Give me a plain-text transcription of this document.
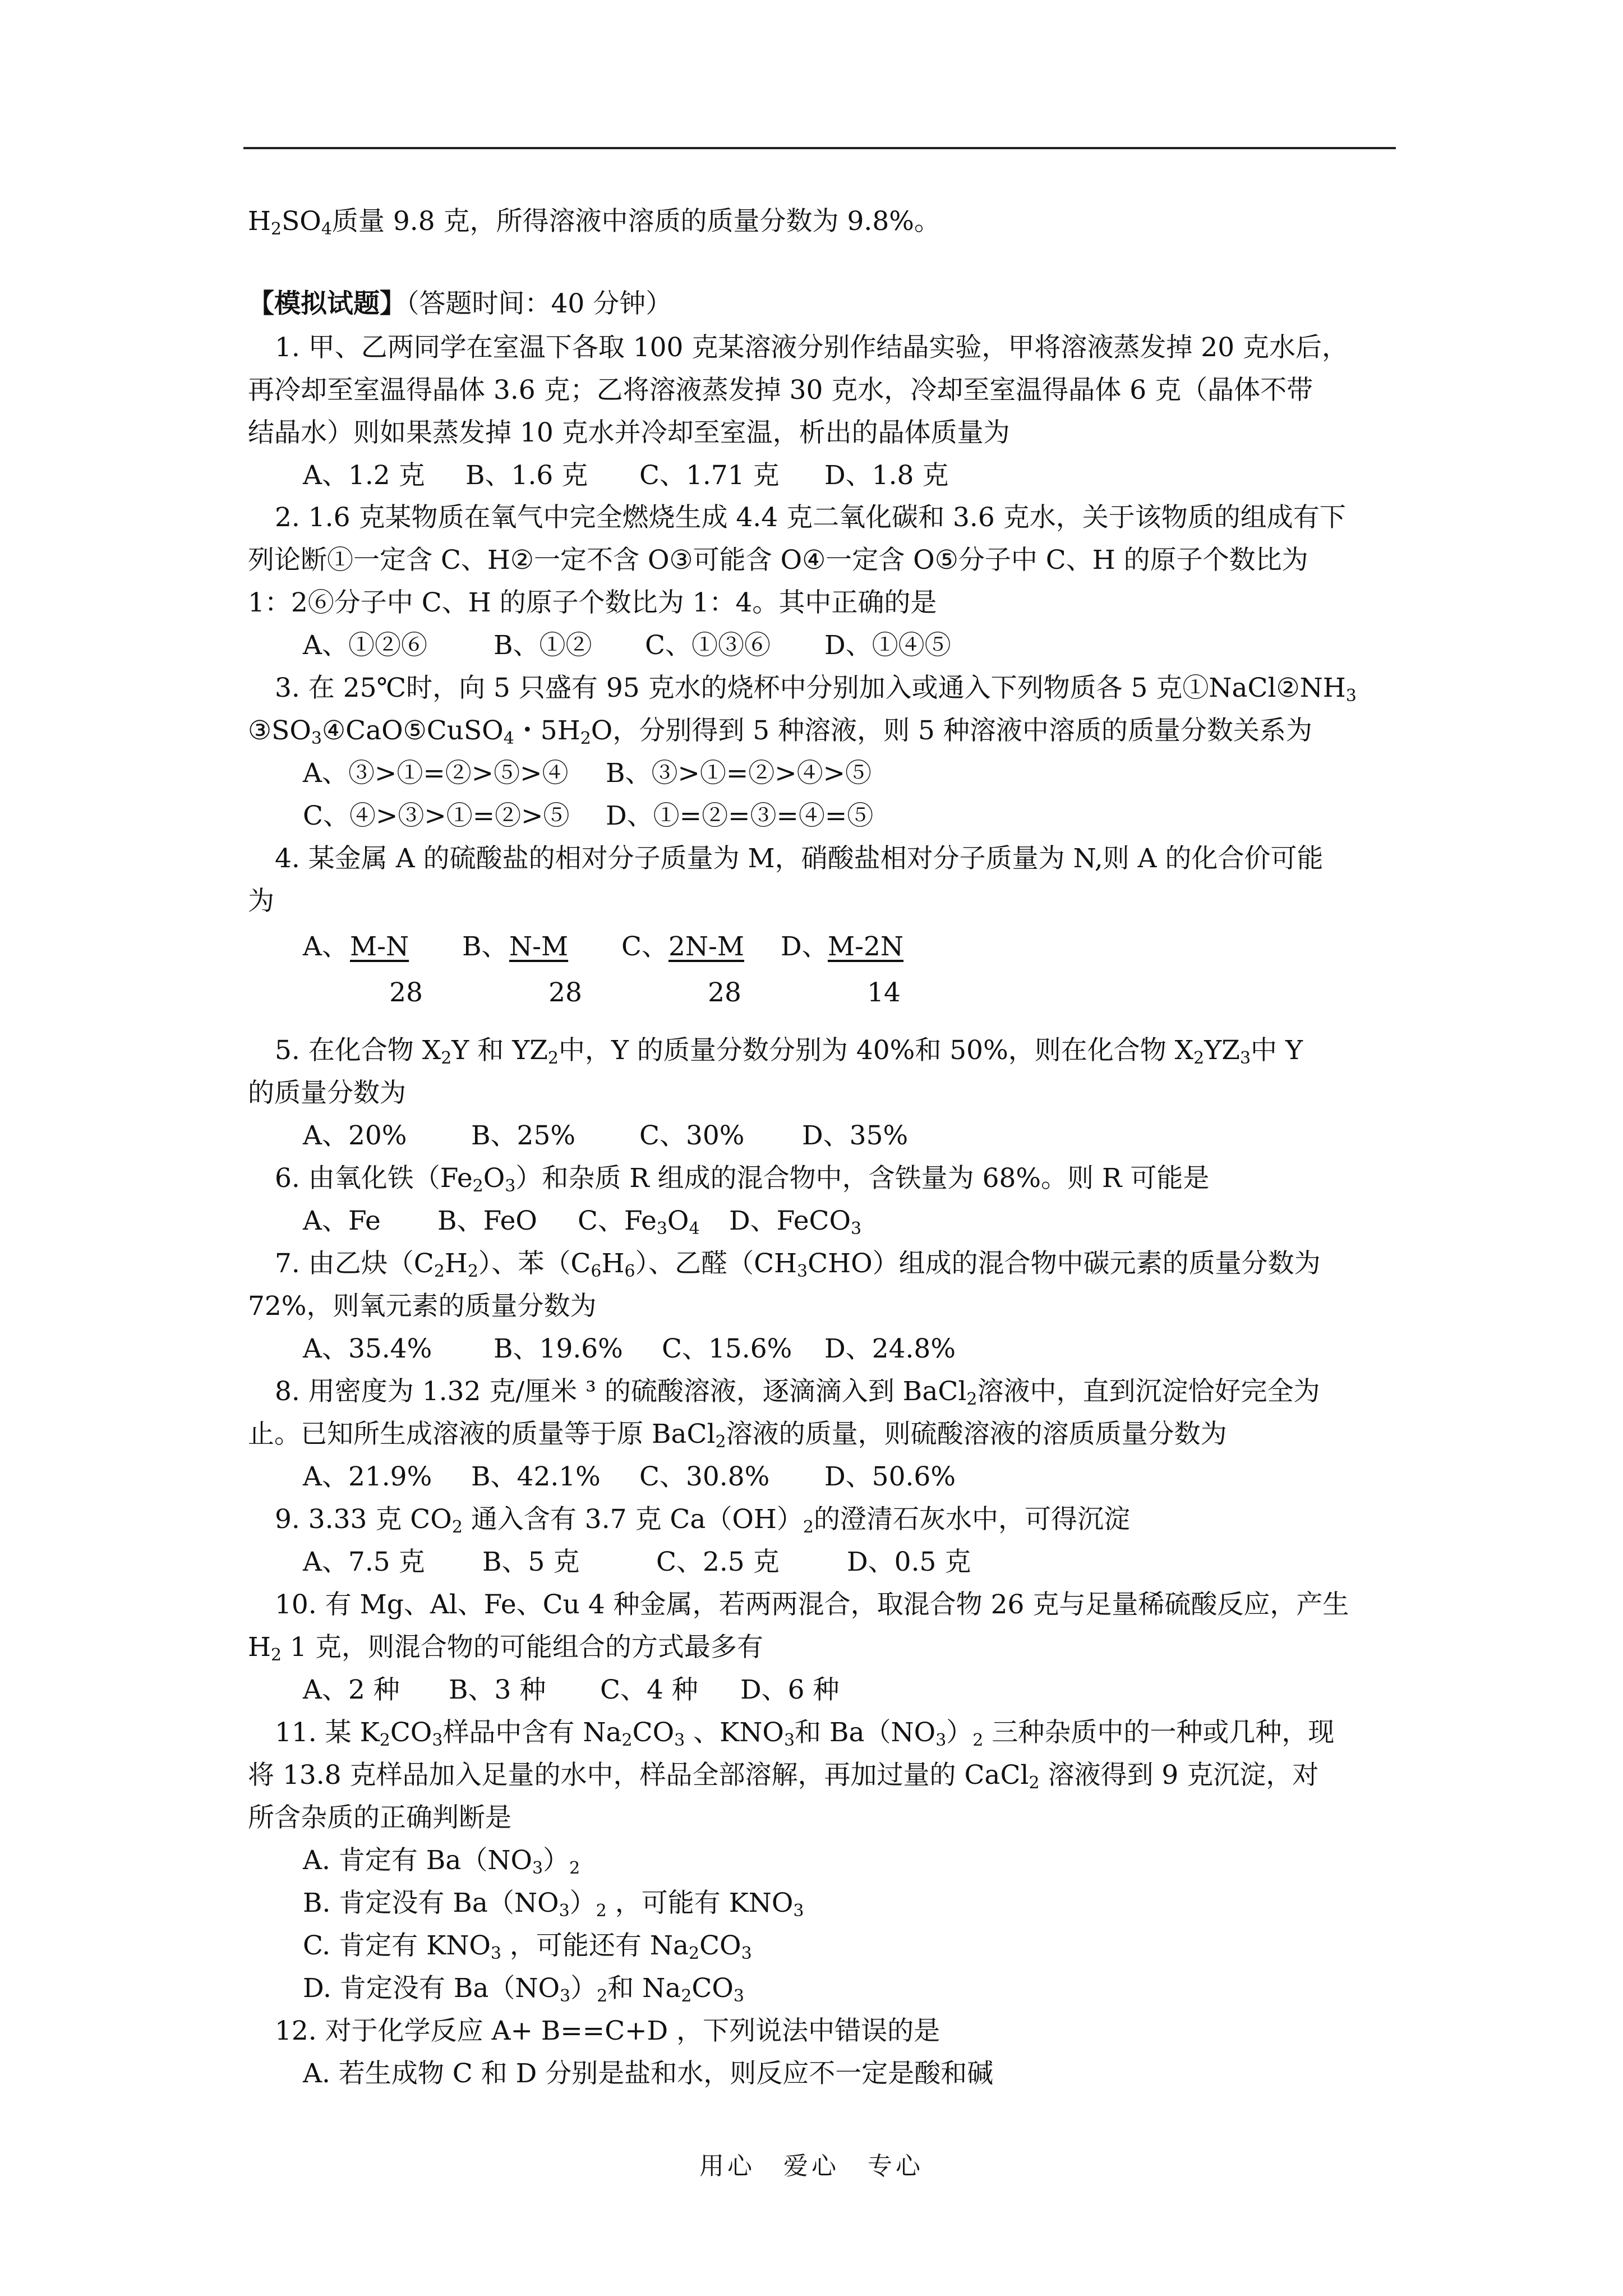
$H_2SO_4$质量 9.8 克，所得溶液中溶质的质量分数为 9.8%。
【模拟试题】（答题时间：40 分钟）
1. 甲、乙两同学在室温下各取 100 克某溶液分别作结晶实验，甲将溶液蒸发掉 20 克水后，
再冷却至室温得晶体 3.6 克；乙将溶液蒸发掉 30 克水，冷却至室温得晶体 6 克（晶体不带
结晶水）则如果蒸发掉 10 克水并冷却至室温，析出的晶体质量为
A、1.2 克 B、1.6 克 C、1.71 克 D、1.8 克
2. 1.6 克某物质在氧气中完全燃烧生成 4.4 克二氧化碳和 3.6 克水，关于该物质的组成有下
列论断①一定含 C、H②一定不含 O③可能含 O④一定含 O⑤分子中 C、H 的原子个数比为
1：2⑥分子中 C、H 的原子个数比为 1：4。其中正确的是
A、①②⑥	B、①② C、①③⑥ D、①④⑤
3. 在 25℃时，向 5 只盛有 95 克水的烧杯中分别加入或通入下列物质各 5 克$①NaCl②NH_3$
$③SO_3④CaO⑤CuSO_4$・$5H_2O$，分别得到 5 种溶液，则 5 种溶液中溶质的质量分数关系为
A、③>①=②>⑤>④ B、③>①=②>④>⑤
C、④>③>①=②>⑤ D、①=②=③=④=⑤
4. 某金属 A 的硫酸盐的相对分子质量为 M，硝酸盐相对分子质量为 N,则 A 的化合价可能
为
A、M-N B、N-M C、2N-M D、M-2N
28	28	28	14
5. 在化合物 $X_2Y$ 和 $YZ_2$中，Y 的质量分数分别为 40%和 50%，则在化合物 $X_2YZ_3$中 Y
的质量分数为
A、20% B、25% C、30% D、35%
6. 由氧化铁$(Fe_2O_3)$和杂质 R 组成的混合物中，含铁量为 68%。则 R 可能是
A、Fe B、FeO C、$Fe_3O_4$ D、FeCO$_3$
7. 由乙炔$(C_2H_2)$、苯$(C_6H_6)$、乙醛$(CH_3CHO)$组成的混合物中碳元素的质量分数为
72%，则氧元素的质量分数为
A、35.4% B、19.6% C、15.6% D、24.8%
8. 用密度为 1.32 克/厘米 ³ 的硫酸溶液，逐滴滴入到 BaCl$_2$溶液中，直到沉淀恰好完全为
止。已知所生成溶液的质量等于原 BaCl$_2$溶液的质量，则硫酸溶液的溶质质量分数为
A、21.9% B、42.1% C、30.8% D、50.6%
9. 3.33 克 $CO_2$ 通入含有 3.7 克 $Ca(OH)_2$的澄清石灰水中，可得沉淀
A、7.5 克 B、5 克	C、2.5 克	D、0.5 克
10. 有 Mg、Al、Fe、Cu 4 种金属，若两两混合，取混合物 26 克与足量稀硫酸反应，产生
$H_2$ 1 克，则混合物的可能组合的方式最多有
A、2 种 B、3 种 C、4 种 D、6 种
11. 某 $K_2CO_3$样品中含有 $Na_2CO_3$ 、$KNO_3$和 $Ba(NO_3)_2$ 三种杂质中的一种或几种，现
将 13.8 克样品加入足量的水中，样品全部溶解，再加过量的 CaCl$_2$ 溶液得到 9 克沉淀，对
所含杂质的正确判断是
A. 肯定有 $Ba(NO_3)_2$
B. 肯定没有 $Ba(NO_3)_2$ ，可能有 $KNO_3$
C. 肯定有 $KNO_3$ ，可能还有 $Na_2CO_3$
D. 肯定没有 $Ba(NO_3)_2$和 $Na_2CO_3$
12. 对于化学反应 A+ B==C+D ，下列说法中错误的是
A. 若生成物 C 和 D 分别是盐和水，则反应不一定是酸和碱
用心　爱心　专心
